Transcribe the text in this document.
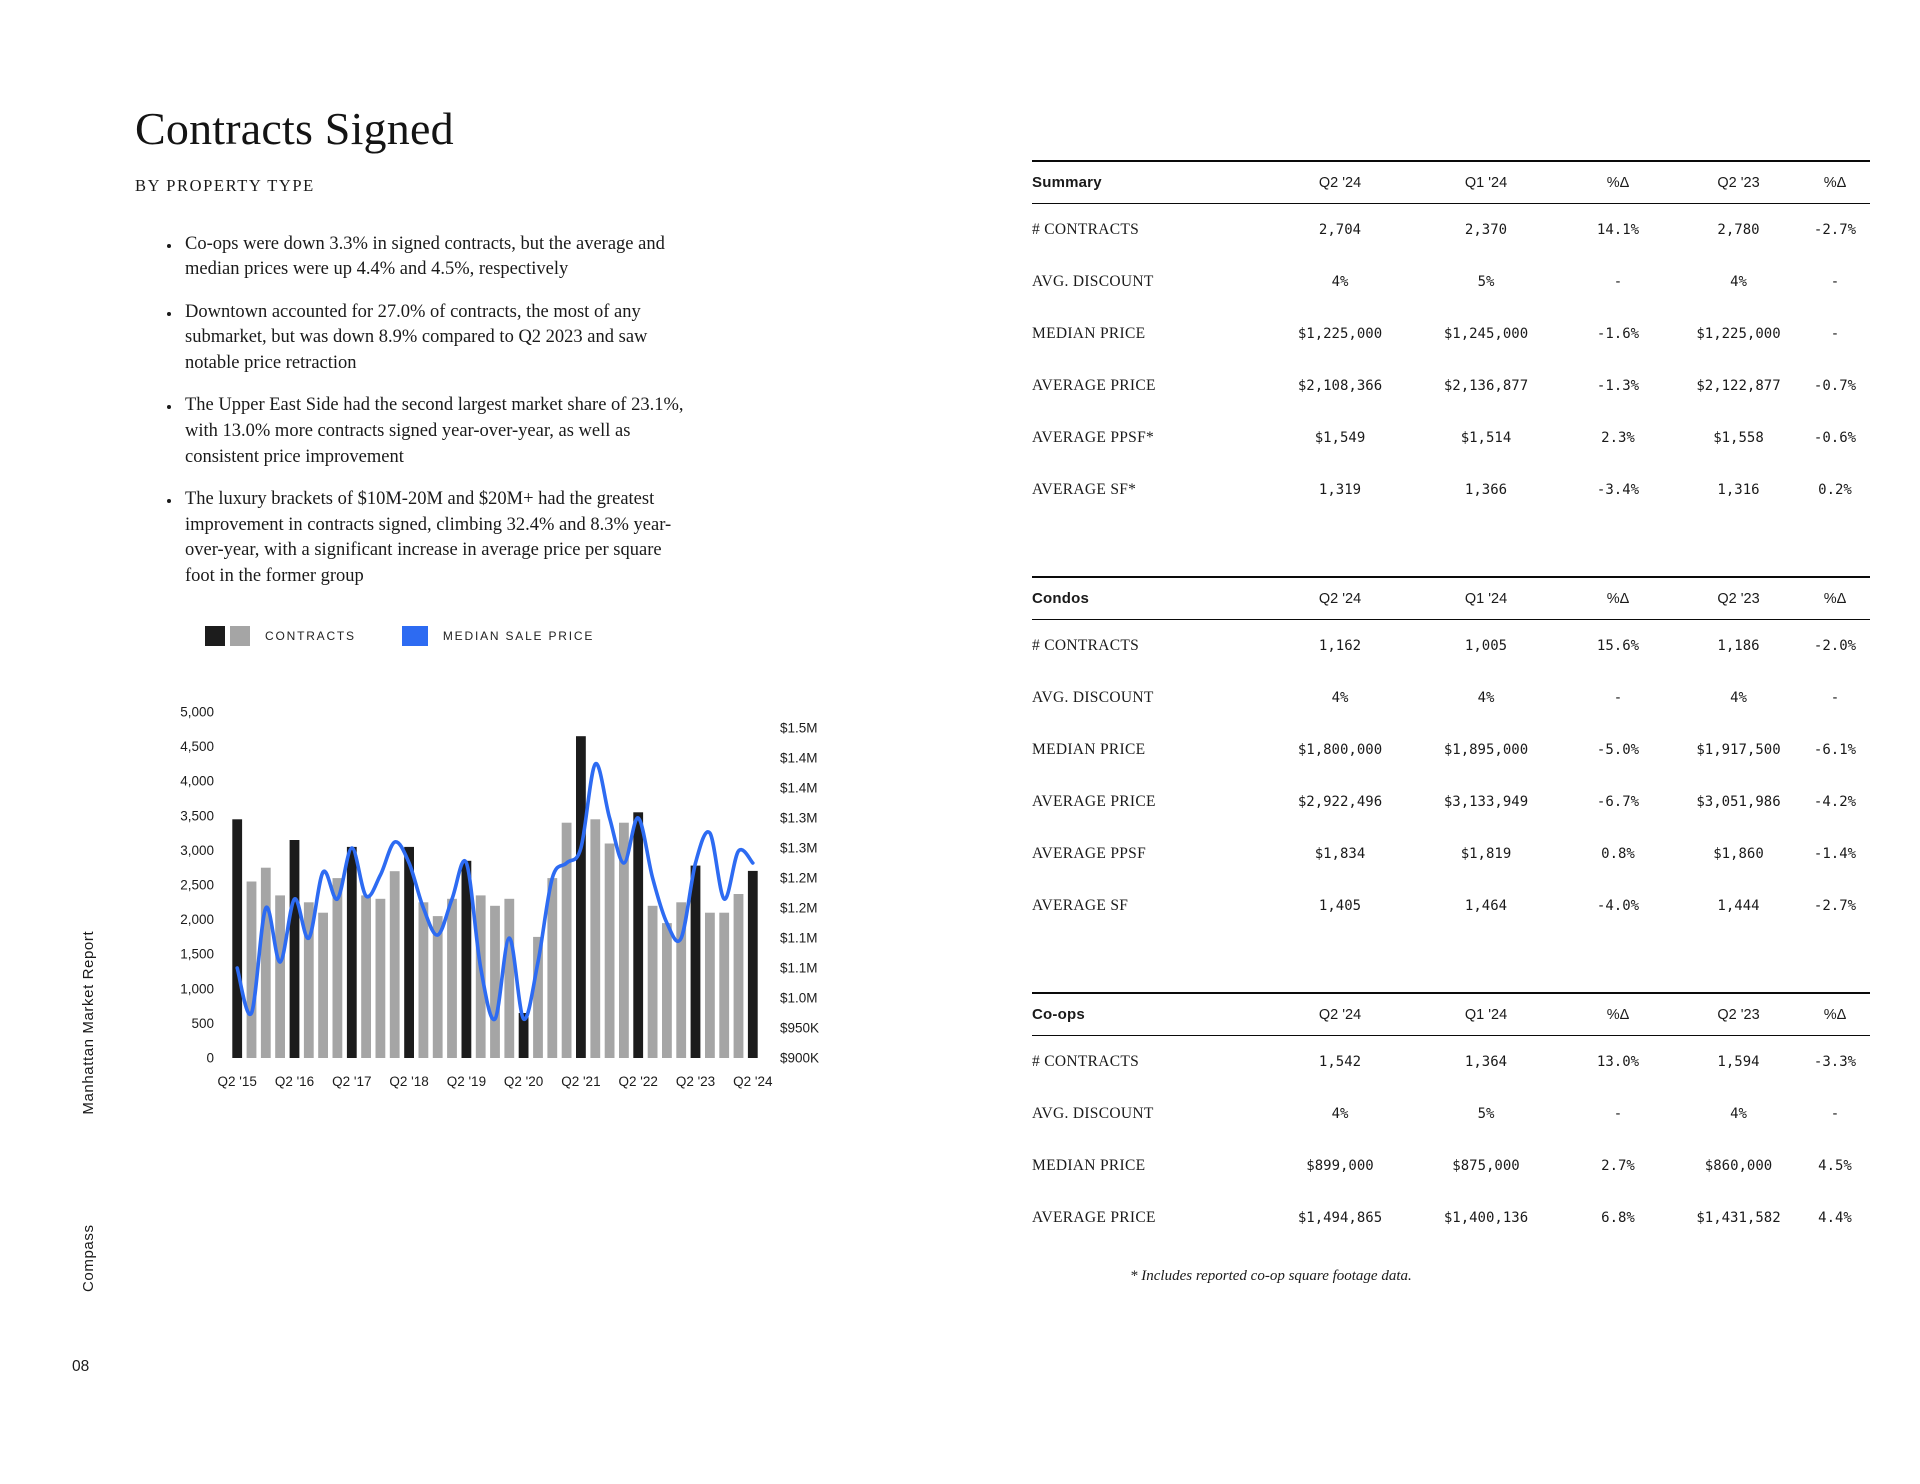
Compass Manhattan Market Report
08
Contracts Signed
BY PROPERTY TYPE
• Co-ops were down 3.3% in signed contracts, but the average and median prices were up 4.4% and 4.5%, respectively
• Downtown accounted for 27.0% of contracts, the most of any submarket, but was down 8.9% compared to Q2 2023 and saw notable price retraction
• The Upper East Side had the second largest market share of 23.1%, with 13.0% more contracts signed year-over-year, as well as consistent price improvement
• The luxury brackets of $10M-20M and $20M+ had the greatest improvement in contracts signed, climbing 32.4% and 8.3% year-over-year, with a significant increase in average price per square foot in the former group
CONTRACTS	MEDIAN SALE PRICE
0
500
1,000
1,500
2,000
2,500
3,000
3,500
4,000
4,500
5,000
$1.5M
$1.4M
$1.4M
$1.3M
$1.3M
$1.2M
$1.2M
$1.1M
$1.1M
$1.0M
$950K
$900K
Q2 '15 Q2 '16 Q2 '17 Q2 '18 Q2 '19 Q2 '20 Q2 '21 Q2 '22 Q2 '23 Q2 '24
Summary	Q2 '24	Q1 '24	%Δ	Q2 '23	%Δ
# CONTRACTS	2,704	2,370	14.1%	2,780	-2.7%
AVG. DISCOUNT	4%	5%	-	4%	-
MEDIAN PRICE	$1,225,000	$1,245,000	-1.6%	$1,225,000	-
AVERAGE PRICE	$2,108,366	$2,136,877	-1.3%	$2,122,877	-0.7%
AVERAGE PPSF*	$1,549	$1,514	2.3%	$1,558	-0.6%
AVERAGE SF*	1,319	1,366	-3.4%	1,316	0.2%
Condos	Q2 '24	Q1 '24	%Δ	Q2 '23	%Δ
# CONTRACTS	1,162	1,005	15.6%	1,186	-2.0%
AVG. DISCOUNT	4%	4%	-	4%	-
MEDIAN PRICE	$1,800,000	$1,895,000	-5.0%	$1,917,500	-6.1%
AVERAGE PRICE	$2,922,496	$3,133,949	-6.7%	$3,051,986	-4.2%
AVERAGE PPSF	$1,834	$1,819	0.8%	$1,860	-1.4%
AVERAGE SF	1,405	1,464	-4.0%	1,444	-2.7%
Co-ops	Q2 '24	Q1 '24	%Δ	Q2 '23	%Δ
# CONTRACTS	1,542	1,364	13.0%	1,594	-3.3%
AVG. DISCOUNT	4%	5%	-	4%	-
MEDIAN PRICE	$899,000	$875,000	2.7%	$860,000	4.5%
AVERAGE PRICE	$1,494,865	$1,400,136	6.8%	$1,431,582	4.4%
* Includes reported co-op square footage data.
